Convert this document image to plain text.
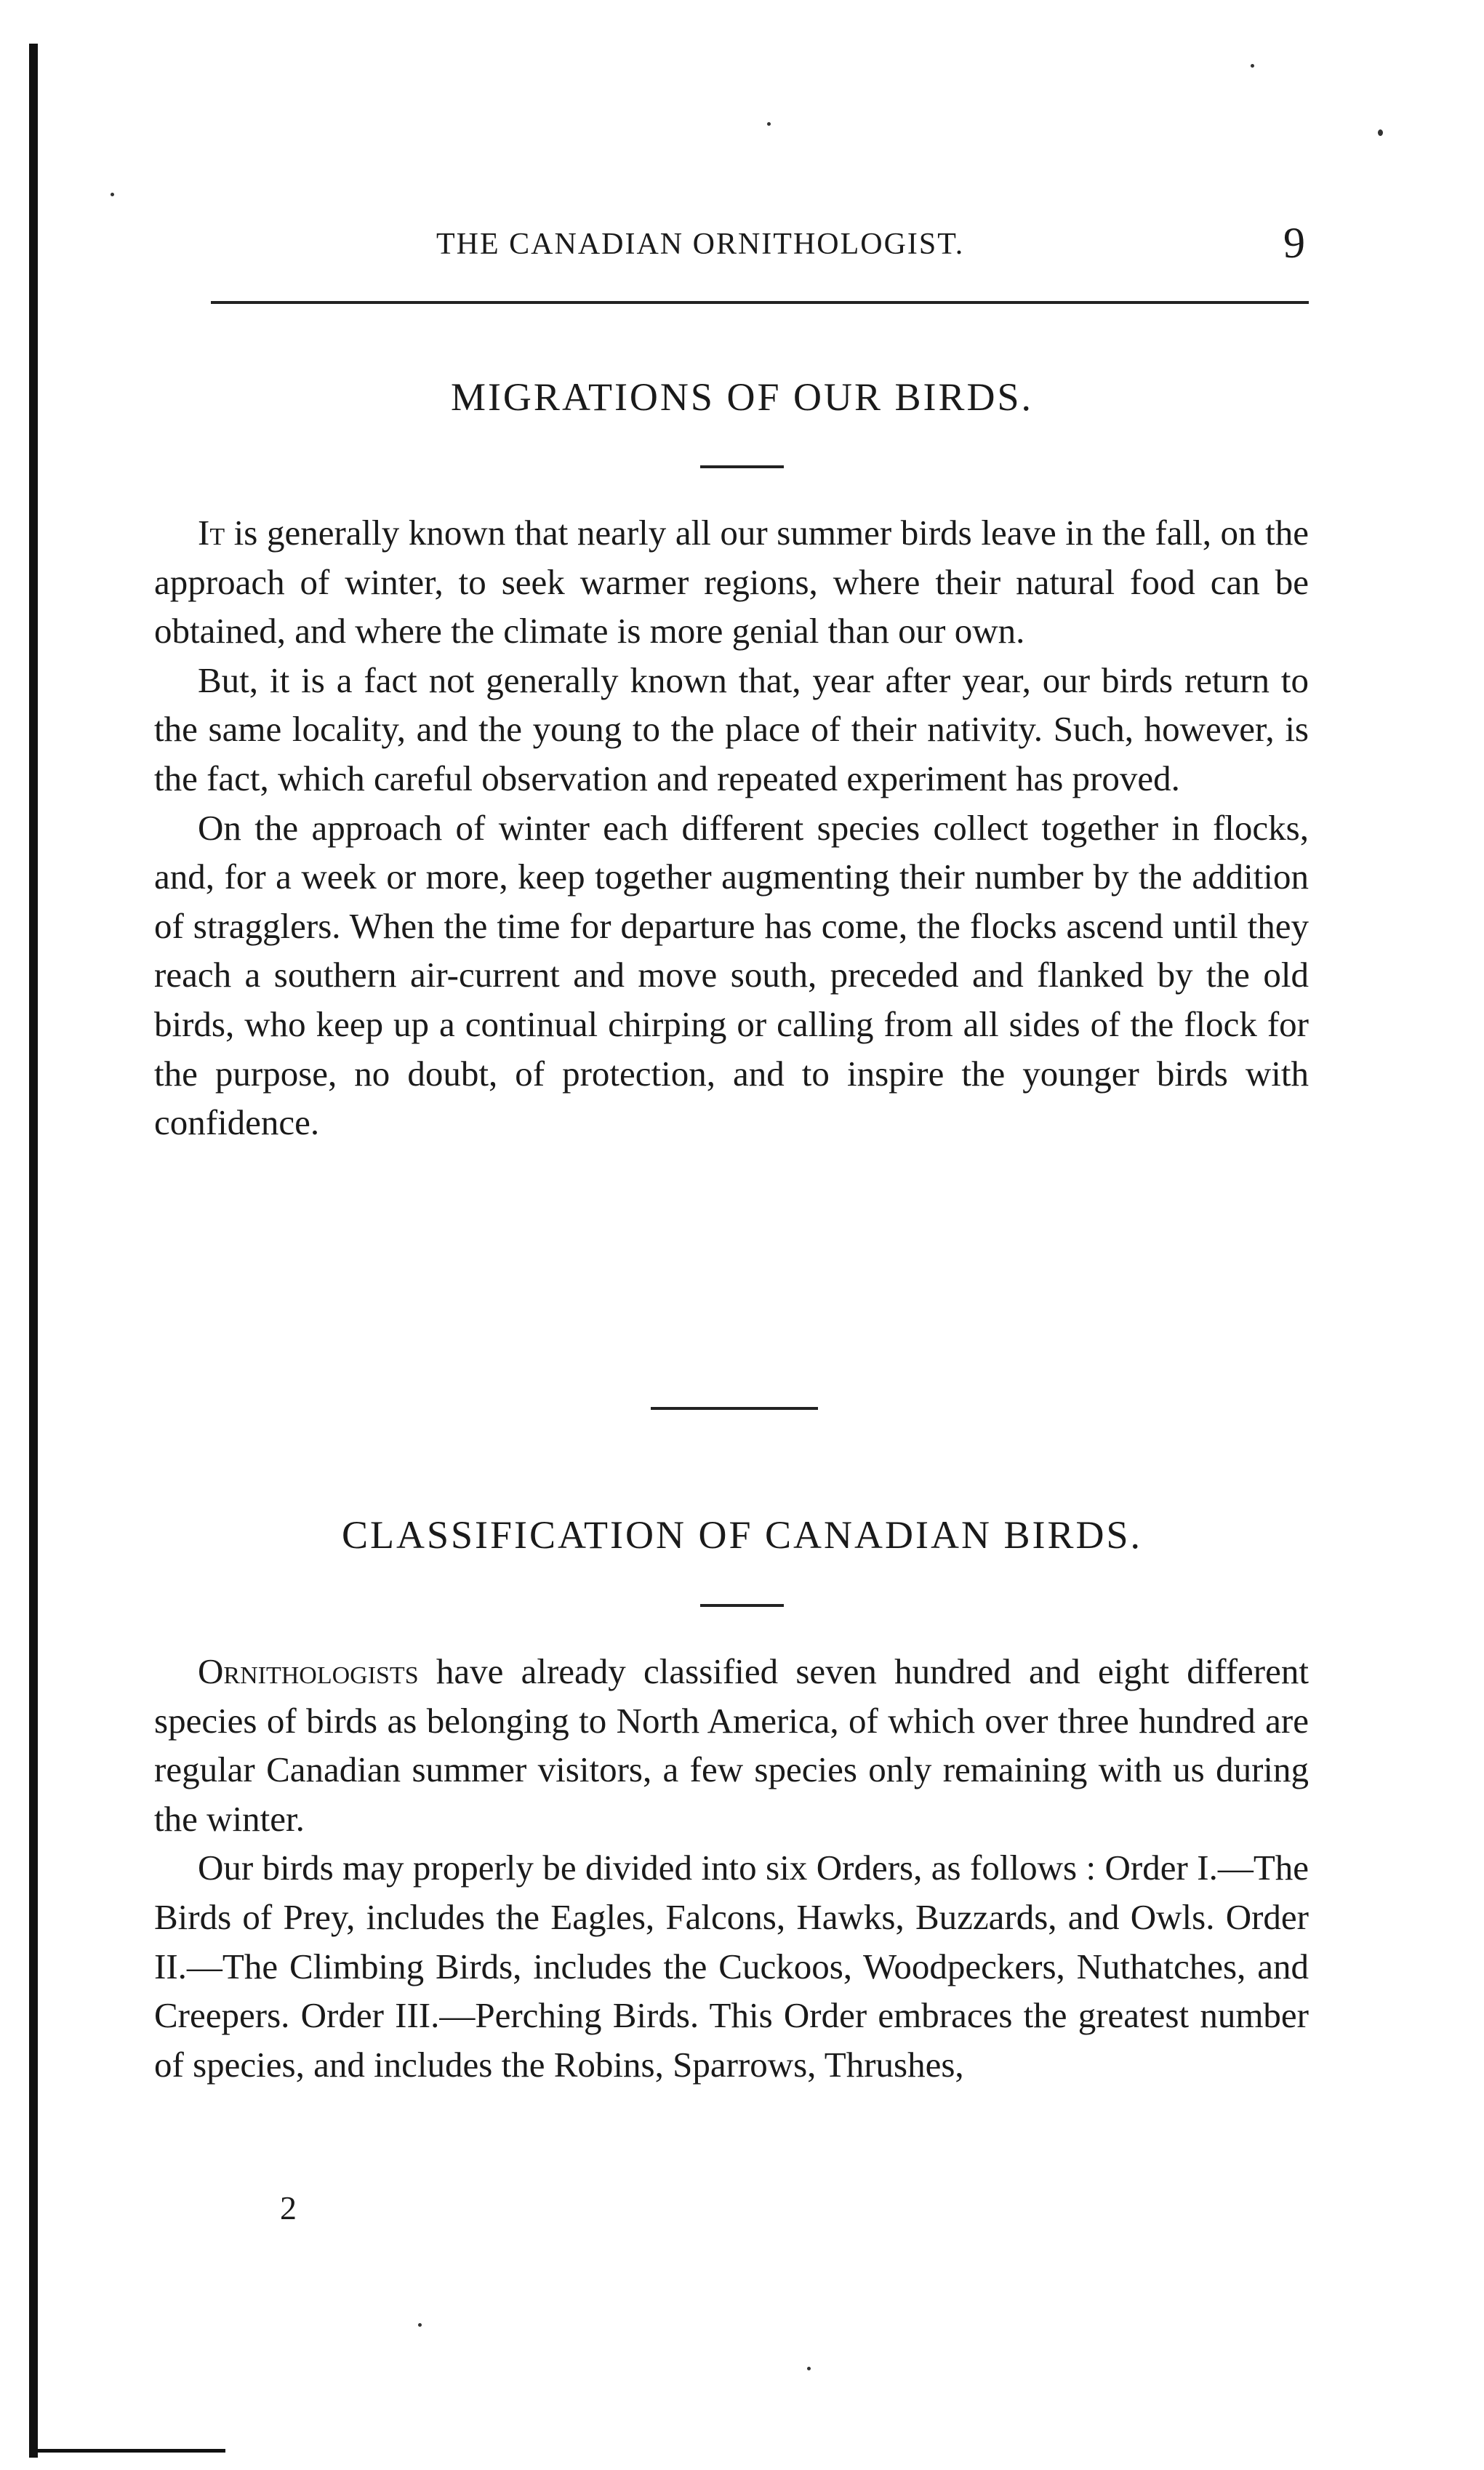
THE CANADIAN ORNITHOLOGIST.	9
MIGRATIONS OF OUR BIRDS.

It is generally known that nearly all our summer birds leave in the fall, on the approach of winter, to seek warmer regions, where their natural food can be obtained, and where the climate is more genial than our own.

But, it is a fact not generally known that, year after year, our birds return to the same locality, and the young to the place of their nativity. Such, however, is the fact, which careful observation and repeated experiment has proved.

On the approach of winter each different species collect together in flocks, and, for a week or more, keep together augmenting their number by the addition of stragglers. When the time for departure has come, the flocks ascend until they reach a southern air-current and move south, preceded and flanked by the old birds, who keep up a continual chirping or calling from all sides of the flock for the purpose, no doubt, of protection, and to inspire the younger birds with confidence.

CLASSIFICATION OF CANADIAN BIRDS.

Ornithologists have already classified seven hundred and eight different species of birds as belonging to North America, of which over three hundred are regular Canadian summer visitors, a few species only remaining with us during the winter.

Our birds may properly be divided into six Orders, as follows : Order I.—The Birds of Prey, includes the Eagles, Falcons, Hawks, Buzzards, and Owls. Order II.—The Climbing Birds, includes the Cuckoos, Woodpeckers, Nuthatches, and Creepers. Order III.—Perching Birds. This Order embraces the greatest number of species, and includes the Robins, Sparrows, Thrushes,

2
